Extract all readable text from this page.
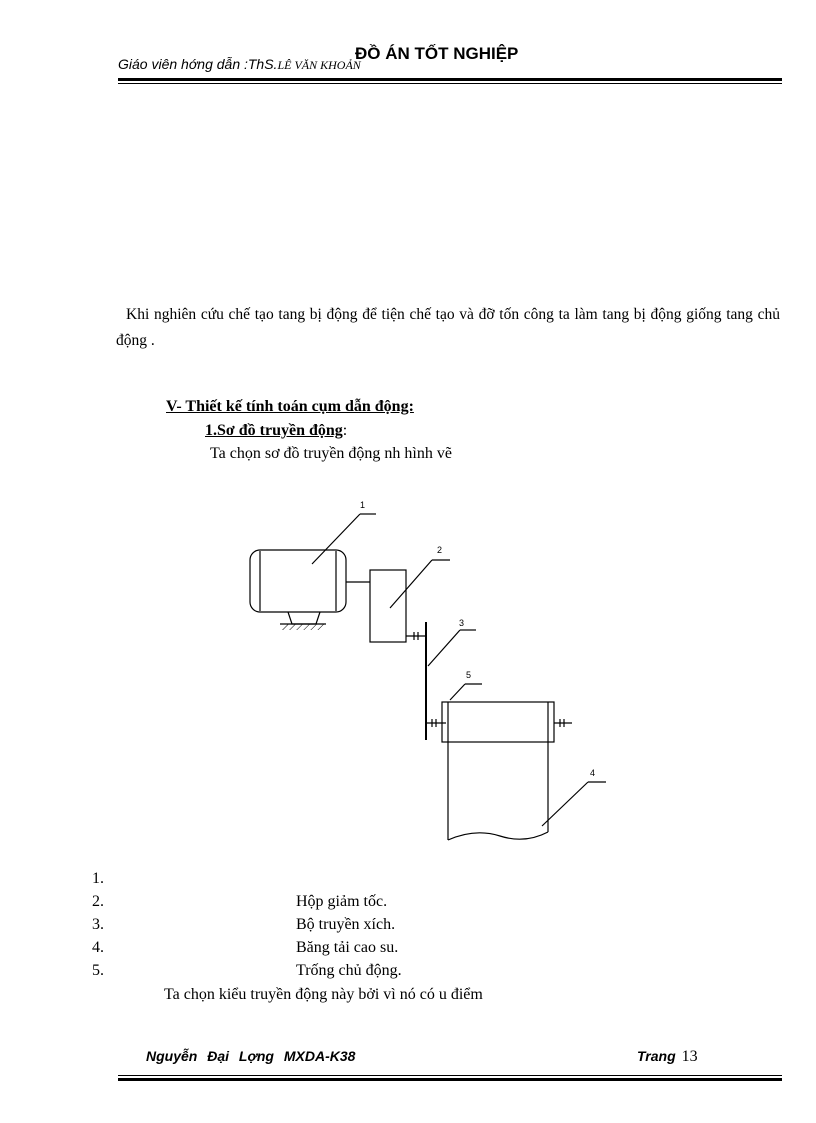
Giáo viên hớng dẫn :ThS.LÊ VĂN KHOẢN
ĐỒ ÁN TỐT NGHIỆP
Khi nghiên cứu chế tạo tang bị động để tiện chế tạo và đỡ tốn công ta làm tang bị động giống tang chủ động .
V- Thiết kế tính toán cụm dẫn động:
1.Sơ đồ truyền động:
Ta chọn sơ đồ truyền động nh hình vẽ
1
2
3
4
5
1.
2.	Hộp giảm tốc.
3.	Bộ truyền xích.
4.	Băng tải cao su.
5.	Trống chủ động.
Ta chọn kiểu truyền động này bởi vì nó có u điểm
Nguyễn Đại Lợng MXDA-K38	Trang 13
